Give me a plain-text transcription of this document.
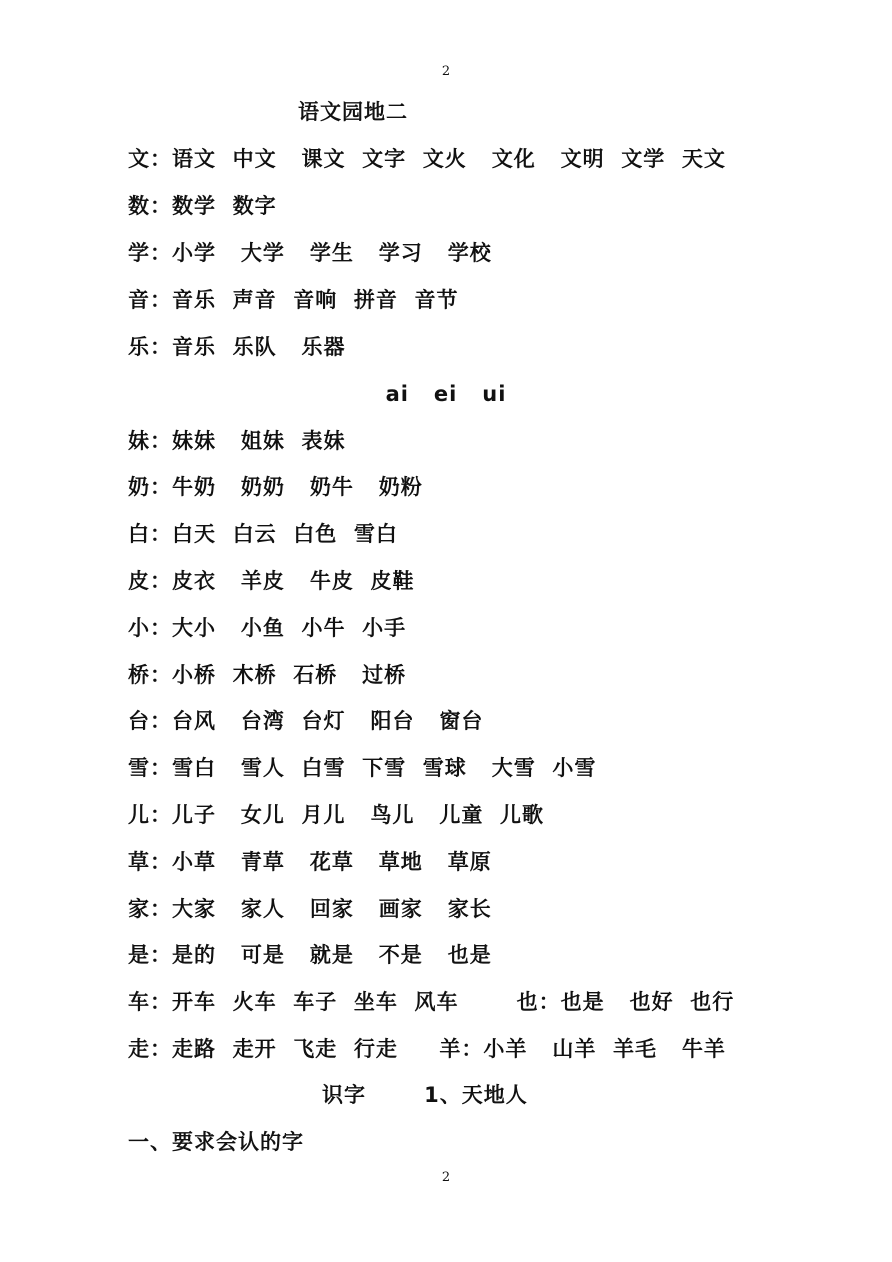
2
语文园地二
文：语文  中文   课文  文字  文火   文化   文明  文学  天文
数：数学  数字
学：小学   大学   学生   学习   学校
音：音乐  声音  音响  拼音  音节
乐：音乐  乐队   乐器
ai   ei   ui
妹：妹妹   姐妹  表妹
奶：牛奶   奶奶   奶牛   奶粉
白：白天  白云  白色  雪白
皮：皮衣   羊皮   牛皮  皮鞋
小：大小   小鱼  小牛  小手
桥：小桥  木桥  石桥   过桥
台：台风   台湾  台灯   阳台   窗台
雪：雪白   雪人  白雪  下雪  雪球   大雪  小雪
儿：儿子   女儿  月儿   鸟儿   儿童  儿歌
草：小草   青草   花草   草地   草原
家：大家   家人   回家   画家   家长
是：是的   可是   就是   不是   也是
车：开车  火车  车子  坐车  风车       也：也是   也好  也行
走：走路  走开  飞走  行走     羊：小羊   山羊  羊毛   牛羊
识字       1、天地人
一、要求会认的字
2
